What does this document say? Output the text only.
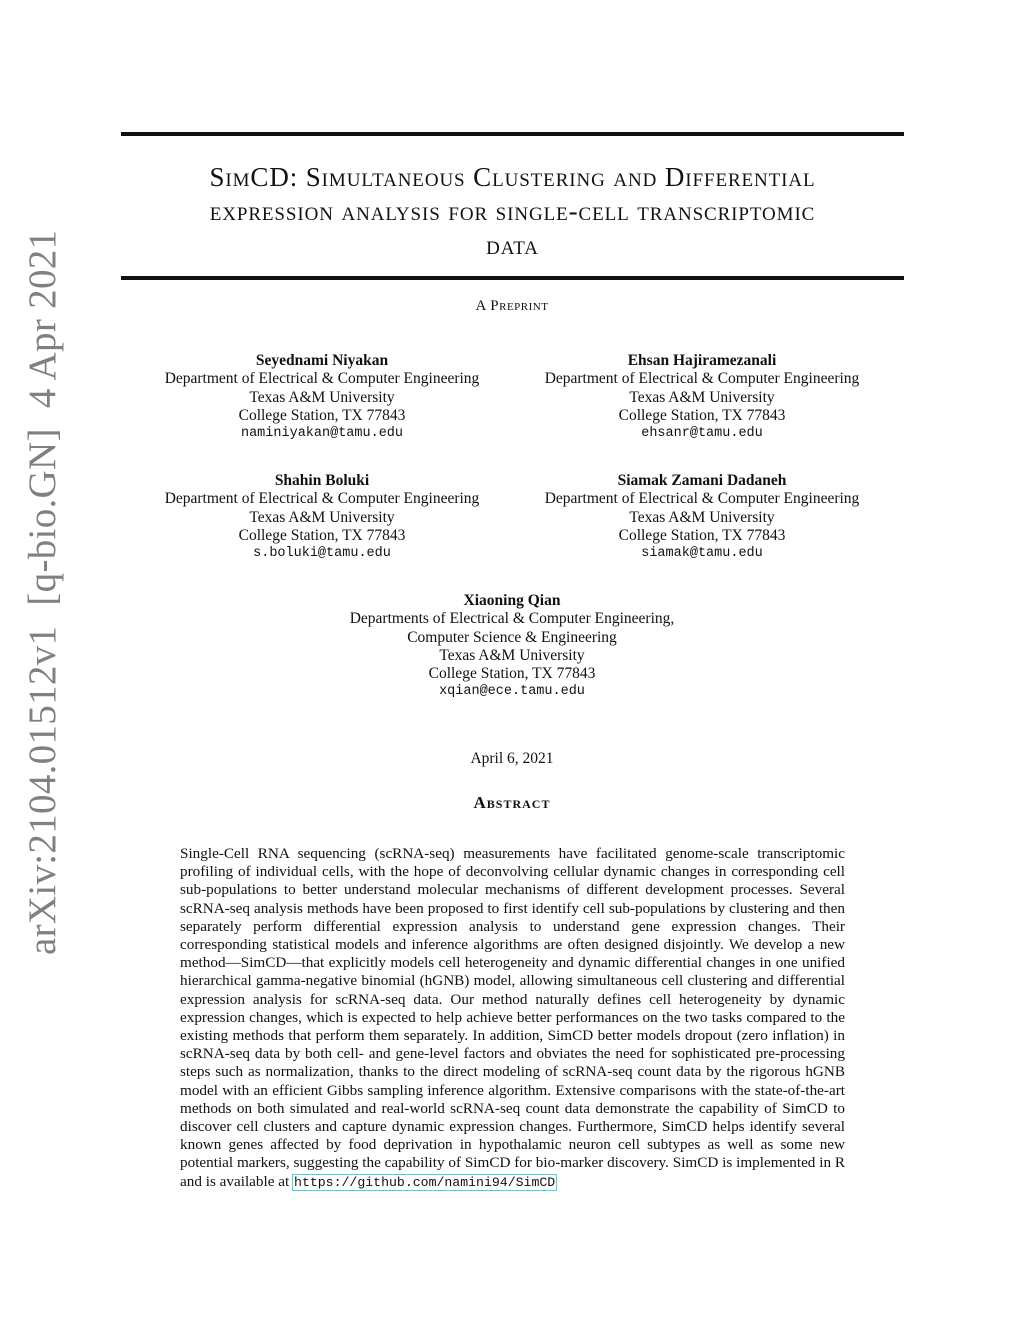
arXiv:2104.01512v1  [q-bio.GN]  4 Apr 2021
SimCD: Simultaneous Clustering and Differential
expression analysis for single-cell transcriptomic
data
A Preprint
Seyednami Niyakan
Department of Electrical & Computer Engineering
Texas A&M University
College Station, TX 77843
naminiyakan@tamu.edu
Ehsan Hajiramezanali
Department of Electrical & Computer Engineering
Texas A&M University
College Station, TX 77843
ehsanr@tamu.edu
Shahin Boluki
Department of Electrical & Computer Engineering
Texas A&M University
College Station, TX 77843
s.boluki@tamu.edu
Siamak Zamani Dadaneh
Department of Electrical & Computer Engineering
Texas A&M University
College Station, TX 77843
siamak@tamu.edu
Xiaoning Qian
Departments of Electrical & Computer Engineering,
Computer Science & Engineering
Texas A&M University
College Station, TX 77843
xqian@ece.tamu.edu
April 6, 2021
Abstract
Single-Cell RNA sequencing (scRNA-seq) measurements have facilitated genome-scale transcriptomic profiling of individual cells, with the hope of deconvolving cellular dynamic changes in corresponding cell sub-populations to better understand molecular mechanisms of different development processes. Several scRNA-seq analysis methods have been proposed to first identify cell sub-populations by clustering and then separately perform differential expression analysis to understand gene expression changes. Their corresponding statistical models and inference algorithms are often designed disjointly. We develop a new method—SimCD—that explicitly models cell heterogeneity and dynamic differential changes in one unified hierarchical gamma-negative binomial (hGNB) model, allowing simultaneous cell clustering and differential expression analysis for scRNA-seq data. Our method naturally defines cell heterogeneity by dynamic expression changes, which is expected to help achieve better performances on the two tasks compared to the existing methods that perform them separately. In addition, SimCD better models dropout (zero inflation) in scRNA-seq data by both cell- and gene-level factors and obviates the need for sophisticated pre-processing steps such as normalization, thanks to the direct modeling of scRNA-seq count data by the rigorous hGNB model with an efficient Gibbs sampling inference algorithm. Extensive comparisons with the state-of-the-art methods on both simulated and real-world scRNA-seq count data demonstrate the capability of SimCD to discover cell clusters and capture dynamic expression changes. Furthermore, SimCD helps identify several known genes affected by food deprivation in hypothalamic neuron cell subtypes as well as some new potential markers, suggesting the capability of SimCD for bio-marker discovery. SimCD is implemented in R and is available at https://github.com/namini94/SimCD
